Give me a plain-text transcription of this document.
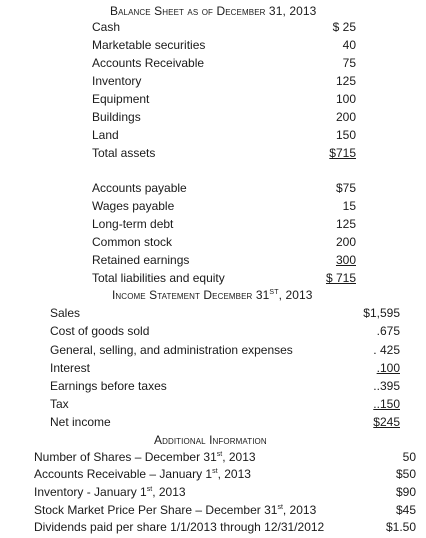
Balance Sheet as of December 31, 2013
Cash	$ 25
Marketable securities	40
Accounts Receivable	75
Inventory	125
Equipment	100
Buildings	200
Land	150
Total assets	$715
Accounts payable	$75
Wages payable	15
Long-term debt	125
Common stock	200
Retained earnings	300
Total liabilities and equity	$ 715
Income Statement December 31ST, 2013
Sales	$1,595
Cost of goods sold	.675
General, selling, and administration expenses	. 425
Interest	.100
Earnings before taxes	..395
Tax	..150
Net income	$245
Additional Information
Number of Shares – December 31st, 2013	50
Accounts Receivable – January 1st, 2013	$50
Inventory - January 1st, 2013	$90
Stock Market Price Per Share – December 31st, 2013	$45
Dividends paid per share 1/1/2013 through 12/31/2012	$1.50
